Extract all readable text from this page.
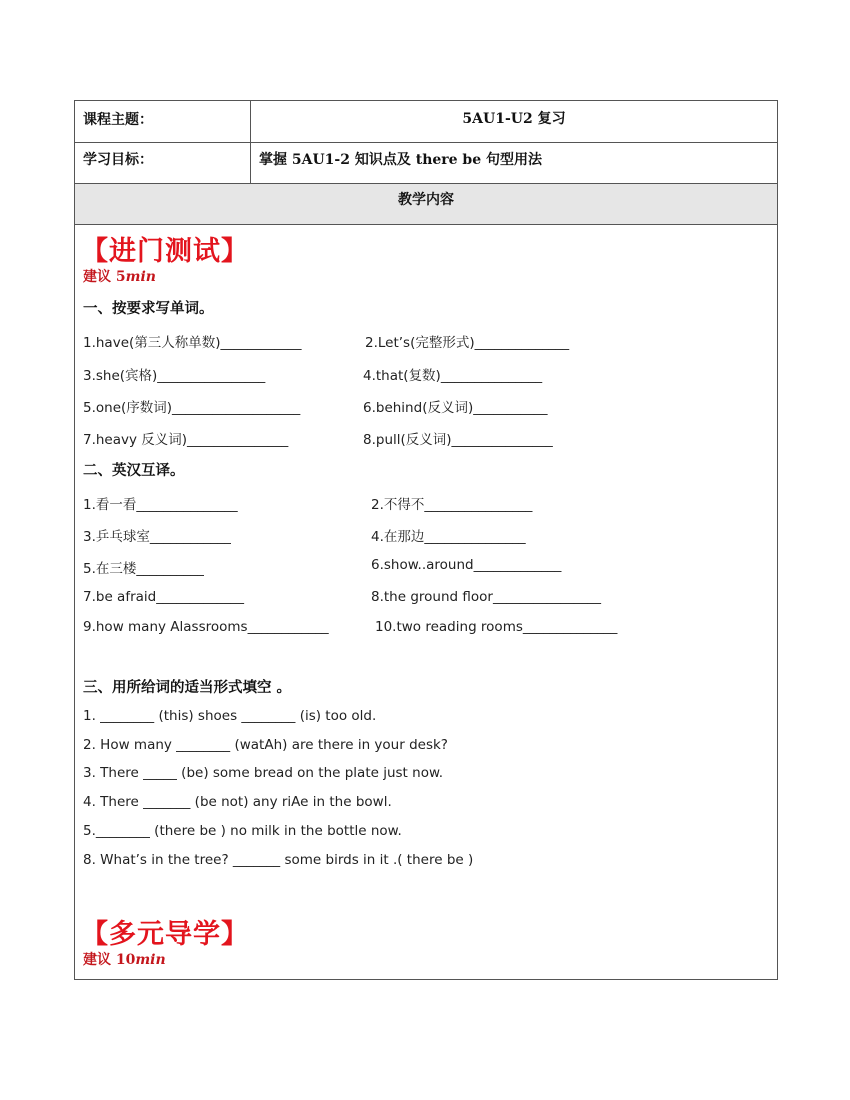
课程主题：	5AU1-U2 复习
学习目标：	掌握 5AU1-2 知识点及 there be 句型用法
教学内容
【进门测试】
建议 5min
一、按要求写单词。
1.have(第三人称单数)____________	2.Let’s(完整形式)______________
3.she(宾格)________________	4.that(复数)_______________
5.one(序数词)___________________	6.behind(反义词)___________
7.heavy 反义词)_______________	8.pull(反义词)_______________
二、英汉互译。
1.看一看_______________	2.不得不________________
3.乒乓球室____________	4.在那边_______________
5.在三楼__________	6.show..around_____________
7.be afraid_____________	8.the ground floor________________
9.how many Alassrooms____________	10.two reading rooms______________
三、用所给词的适当形式填空 。
1. ________ (this) shoes ________ (is) too old.
2. How many ________ (watAh) are there in your desk?
3. There _____ (be) some bread on the plate just now.
4. There _______ (be not) any riAe in the bowl.
5.________ (there be ) no milk in the bottle now.
8. What’s in the tree? _______ some birds in it .( there be )
【多元导学】
建议 10min
